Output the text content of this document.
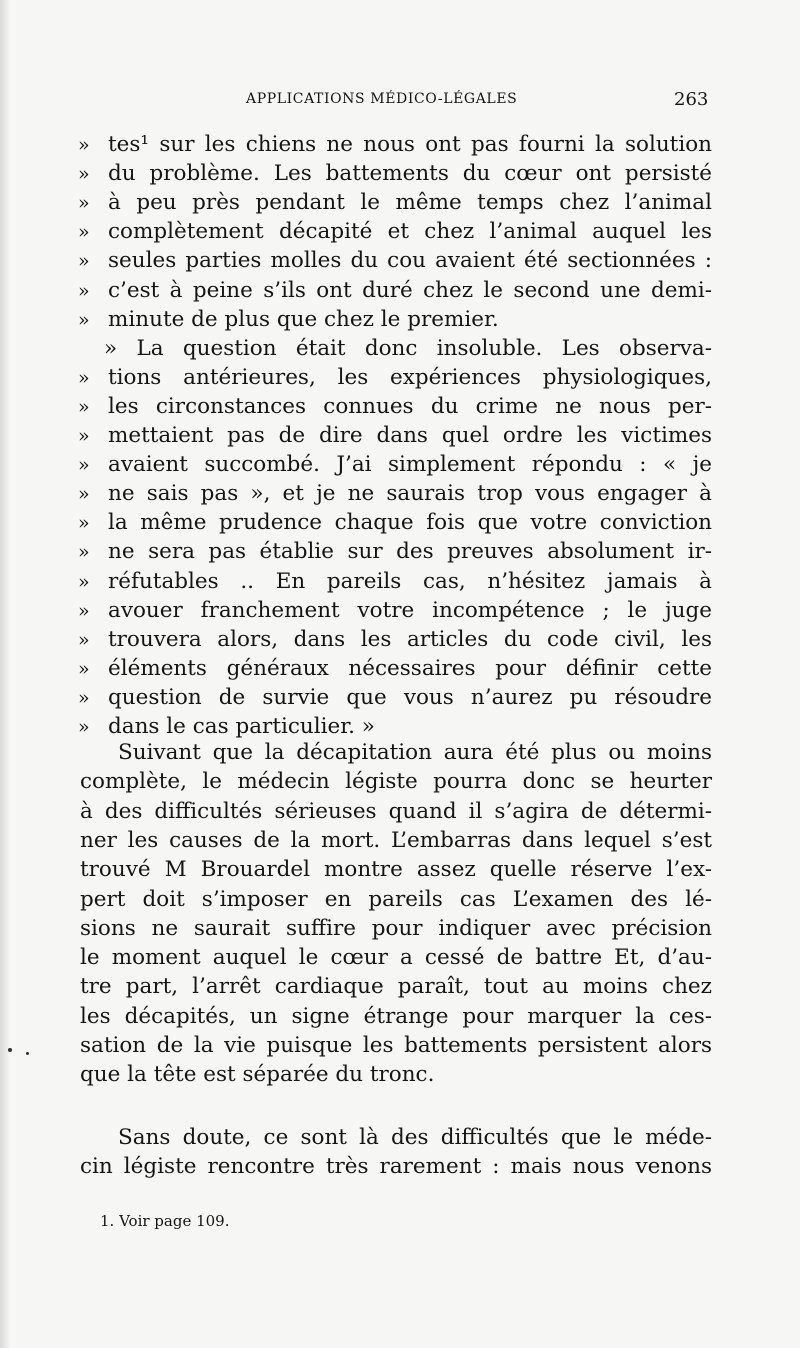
APPLICATIONS MÉDICO-LÉGALES	263
» tes¹ sur les chiens ne nous ont pas fourni la solution
» du problème. Les battements du cœur ont persisté
» à peu près pendant le même temps chez l’animal
» complètement décapité et chez l’animal auquel les
» seules parties molles du cou avaient été sectionnées :
» c’est à peine s’ils ont duré chez le second une demi-
» minute de plus que chez le premier.
» La question était donc insoluble. Les observa-
» tions antérieures, les expériences physiologiques,
» les circonstances connues du crime ne nous per-
» mettaient pas de dire dans quel ordre les victimes
» avaient succombé. J’ai simplement répondu : « je
» ne sais pas », et je ne saurais trop vous engager à
» la même prudence chaque fois que votre conviction
» ne sera pas établie sur des preuves absolument ir-
» réfutables .. En pareils cas, n’hésitez jamais à
» avouer franchement votre incompétence ; le juge
» trouvera alors, dans les articles du code civil, les
» éléments généraux nécessaires pour définir cette
» question de survie que vous n’aurez pu résoudre
» dans le cas particulier. »
Suivant que la décapitation aura été plus ou moins
complète, le médecin légiste pourra donc se heurter
à des difficultés sérieuses quand il s’agira de détermi-
ner les causes de la mort. L’embarras dans lequel s’est
trouvé M Brouardel montre assez quelle réserve l’ex-
pert doit s’imposer en pareils cas L’examen des lé-
sions ne saurait suffire pour indiquer avec précision
le moment auquel le cœur a cessé de battre Et, d’au-
tre part, l’arrêt cardiaque paraît, tout au moins chez
les décapités, un signe étrange pour marquer la ces-
sation de la vie puisque les battements persistent alors
que la tête est séparée du tronc.
Sans doute, ce sont là des difficultés que le méde-
cin légiste rencontre très rarement : mais nous venons
1. Voir page 109.
